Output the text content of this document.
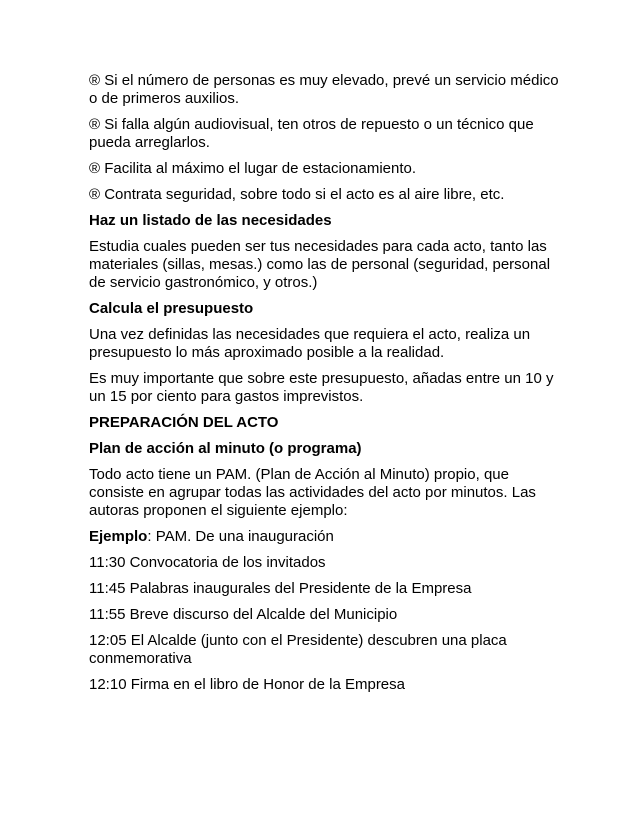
® Si el número de personas es muy elevado, prevé un servicio médico o de primeros auxilios.

® Si falla algún audiovisual, ten otros de repuesto o un técnico que pueda arreglarlos.

® Facilita al máximo el lugar de estacionamiento.

® Contrata seguridad, sobre todo si el acto es al aire libre, etc.

Haz un listado de las necesidades

Estudia cuales pueden ser tus necesidades para cada acto, tanto las materiales (sillas, mesas.) como las de personal (seguridad, personal de servicio gastronómico, y otros.)

Calcula el presupuesto

Una vez definidas las necesidades que requiera el acto, realiza un presupuesto lo más aproximado posible a la realidad.

Es muy importante que sobre este presupuesto, añadas entre un 10 y un 15 por ciento para gastos imprevistos.

PREPARACIÓN DEL ACTO

Plan de acción al minuto (o programa)

Todo acto tiene un PAM. (Plan de Acción al Minuto) propio, que consiste en agrupar todas las actividades del acto por minutos. Las autoras proponen el siguiente ejemplo:

Ejemplo: PAM. De una inauguración

11:30 Convocatoria de los invitados

11:45 Palabras inaugurales del Presidente de la Empresa

11:55 Breve discurso del Alcalde del Municipio

12:05 El Alcalde (junto con el Presidente) descubren una placa conmemorativa

12:10 Firma en el libro de Honor de la Empresa
